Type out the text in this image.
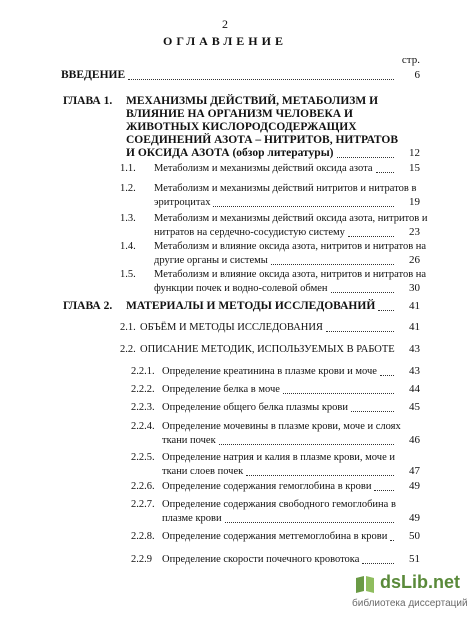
2
ОГЛАВЛЕНИЕ
стр.
ВВЕДЕНИЕ	6
ГЛАВА 1. МЕХАНИЗМЫ ДЕЙСТВИЙ, МЕТАБОЛИЗМ И
ВЛИЯНИЕ НА ОРГАНИЗМ ЧЕЛОВЕКА И
ЖИВОТНЫХ КИСЛОРОДСОДЕРЖАЩИХ
СОЕДИНЕНИЙ АЗОТА – НИТРИТОВ, НИТРАТОВ
И ОКСИДА АЗОТА (обзор литературы)	12
1.1. Метаболизм и механизмы действий оксида азота	15
1.2. Метаболизм и механизмы действий нитритов и нитратов в
эритроцитах	19
1.3. Метаболизм и механизмы действий оксида азота, нитритов и
нитратов на сердечно-сосудистую систему	23
1.4. Метаболизм и влияние оксида азота, нитритов и нитратов на
другие органы и системы	26
1.5. Метаболизм и влияние оксида азота, нитритов и нитратов на
функции почек и водно-солевой обмен	30
ГЛАВА 2. МАТЕРИАЛЫ И МЕТОДЫ ИССЛЕДОВАНИЙ	41
2.1. ОБЪЁМ И МЕТОДЫ ИССЛЕДОВАНИЯ	41
2.2. ОПИСАНИЕ МЕТОДИК, ИСПОЛЬЗУЕМЫХ В РАБОТЕ	43
2.2.1. Определение креатинина в плазме крови и моче	43
2.2.2. Определение белка в моче	44
2.2.3. Определение общего белка плазмы крови	45
2.2.4. Определение мочевины в плазме крови, моче и слоях
ткани почек	46
2.2.5. Определение натрия и калия в плазме крови, моче и
ткани слоев почек	47
2.2.6. Определение содержания гемоглобина в крови	49
2.2.7. Определение содержания свободного гемоглобина в
плазме крови	49
2.2.8. Определение содержания метгемоглобина в крови	50
2.2.9 Определение скорости почечного кровотока	51
dsLib.net
библиотека диссертаций
